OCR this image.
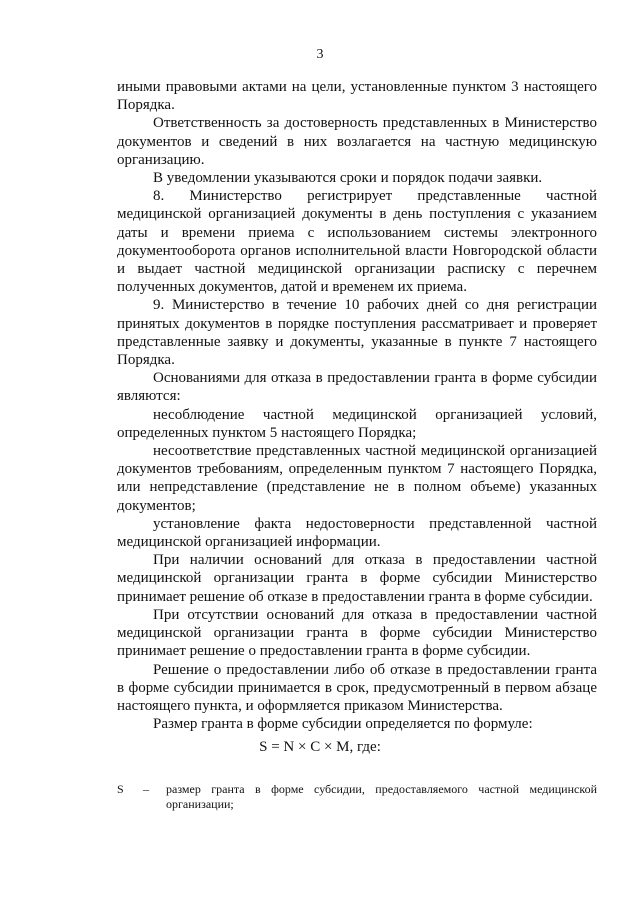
3

иными правовыми актами на цели, установленные пунктом 3 настоящего Порядка.

Ответственность за достоверность представленных в Министерство документов и сведений в них возлагается на частную медицинскую организацию.

В уведомлении указываются сроки и порядок подачи заявки.

8. Министерство регистрирует представленные частной медицинской организацией документы в день поступления с указанием даты и времени приема с использованием системы электронного документооборота органов исполнительной власти Новгородской области и выдает частной медицинской организации расписку с перечнем полученных документов, датой и временем их приема.

9. Министерство в течение 10 рабочих дней со дня регистрации принятых документов в порядке поступления рассматривает и проверяет представленные заявку и документы, указанные в пункте 7 настоящего Порядка.

Основаниями для отказа в предоставлении гранта в форме субсидии являются:

несоблюдение частной медицинской организацией условий, определенных пунктом 5 настоящего Порядка;

несоответствие представленных частной медицинской организацией документов требованиям, определенным пунктом 7 настоящего Порядка, или непредставление (представление не в полном объеме) указанных документов;

установление факта недостоверности представленной частной медицинской организацией информации.

При наличии оснований для отказа в предоставлении частной медицинской организации гранта в форме субсидии Министерство принимает решение об отказе в предоставлении гранта в форме субсидии.

При отсутствии оснований для отказа в предоставлении частной медицинской организации гранта в форме субсидии Министерство принимает решение о предоставлении гранта в форме субсидии.

Решение о предоставлении либо об отказе в предоставлении гранта в форме субсидии принимается в срок, предусмотренный в первом абзаце настоящего пункта, и оформляется приказом Министерства.

Размер гранта в форме субсидии определяется по формуле:

S = N × C × M, где:
S – размер гранта в форме субсидии, предоставляемого частной медицинской организации;
